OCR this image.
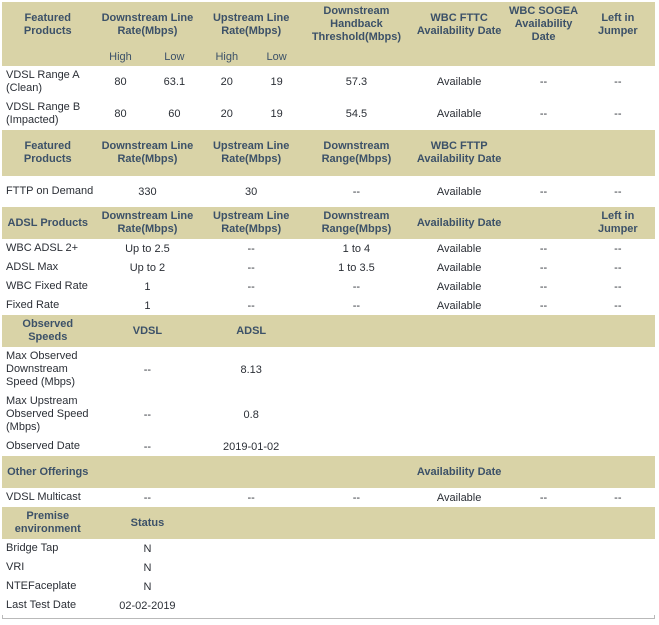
Featured Products	Downstream Line Rate(Mbps)		Upstream Line Rate(Mbps)		Downstream Handback Threshold(Mbps)	WBC FTTC Availability Date	WBC SOGEA Availability Date	Left in Jumper
	High	Low	High	Low				
VDSL Range A (Clean)	80	63.1	20	19	57.3	Available	--	--
VDSL Range B (Impacted)	80	60	20	19	54.5	Available	--	--
Featured Products	Downstream Line Rate(Mbps)		Upstream Line Rate(Mbps)		Downstream Range(Mbps)	WBC FTTP Availability Date		
FTTP on Demand	330		30		--	Available	--	--
ADSL Products	Downstream Line Rate(Mbps)		Upstream Line Rate(Mbps)		Downstream Range(Mbps)	Availability Date		Left in Jumper
WBC ADSL 2+	Up to 2.5		--		1 to 4	Available	--	--
ADSL Max	Up to 2		--		1 to 3.5	Available	--	--
WBC Fixed Rate	1		--		--	Available	--	--
Fixed Rate	1		--		--	Available	--	--
Observed Speeds	VDSL		ADSL					
Max Observed Downstream Speed (Mbps)	--		8.13					
Max Upstream Observed Speed (Mbps)	--		0.8					
Observed Date	--		2019-01-02					
Other Offerings						Availability Date		
VDSL Multicast	--		--		--	Available	--	--
Premise environment	Status							
Bridge Tap	N							
VRI	N							
NTEFaceplate	N							
Last Test Date	02-02-2019							
